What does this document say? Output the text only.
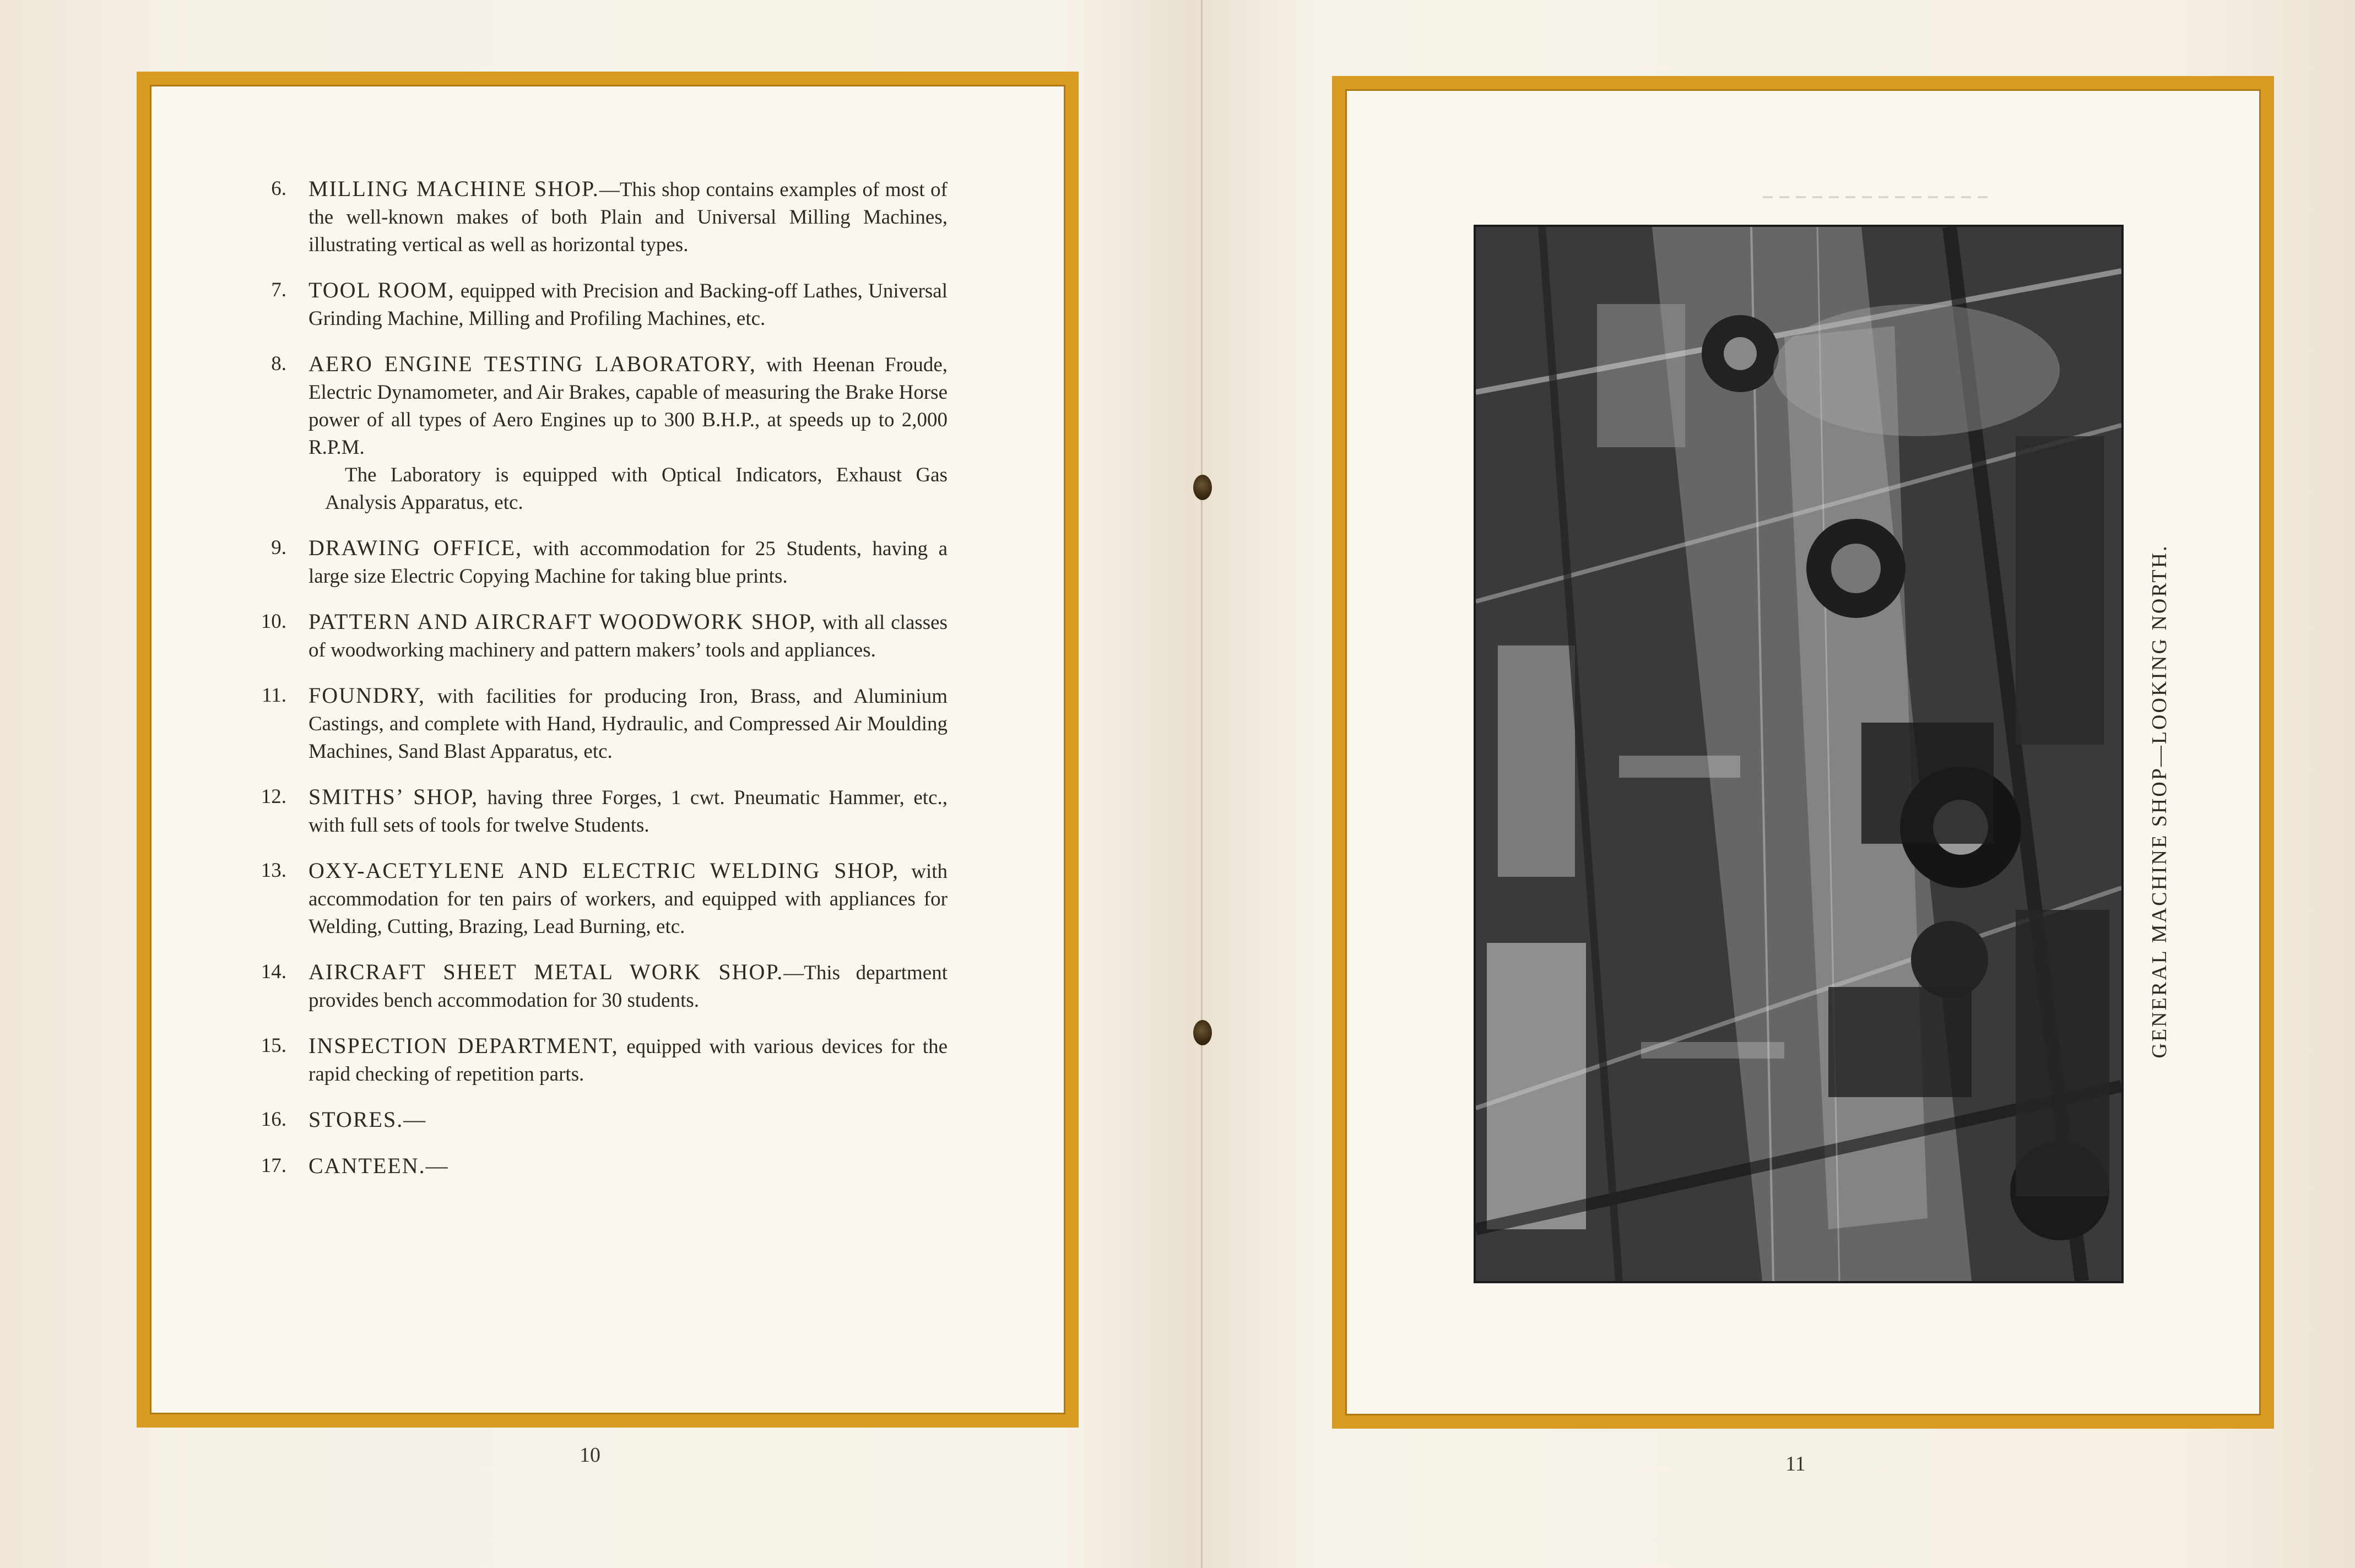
6. MILLING MACHINE SHOP.—This shop contains examples of most of the well-known makes of both Plain and Universal Milling Machines, illustrating vertical as well as horizontal types.
7. TOOL ROOM, equipped with Precision and Backing-off Lathes, Universal Grinding Machine, Milling and Profiling Machines, etc.
8. AERO ENGINE TESTING LABORATORY, with Heenan Froude, Electric Dynamometer, and Air Brakes, capable of measuring the Brake Horse power of all types of Aero Engines up to 300 B.H.P., at speeds up to 2,000 R.P.M.
The Laboratory is equipped with Optical Indicators, Exhaust Gas Analysis Apparatus, etc.
9. DRAWING OFFICE, with accommodation for 25 Students, having a large size Electric Copying Machine for taking blue prints.
10. PATTERN AND AIRCRAFT WOODWORK SHOP, with all classes of woodworking machinery and pattern makers’ tools and appliances.
11. FOUNDRY, with facilities for producing Iron, Brass, and Aluminium Castings, and complete with Hand, Hydraulic, and Compressed Air Moulding Machines, Sand Blast Apparatus, etc.
12. SMITHS’ SHOP, having three Forges, 1 cwt. Pneumatic Hammer, etc., with full sets of tools for twelve Students.
13. OXY-ACETYLENE AND ELECTRIC WELDING SHOP, with accommodation for ten pairs of workers, and equipped with appliances for Welding, Cutting, Brazing, Lead Burning, etc.
14. AIRCRAFT SHEET METAL WORK SHOP.—This department provides bench accommodation for 30 students.
15. INSPECTION DEPARTMENT, equipped with various devices for the rapid checking of repetition parts.
16. STORES.—
17. CANTEEN.—
10
GENERAL MACHINE SHOP—LOOKING NORTH.
11
